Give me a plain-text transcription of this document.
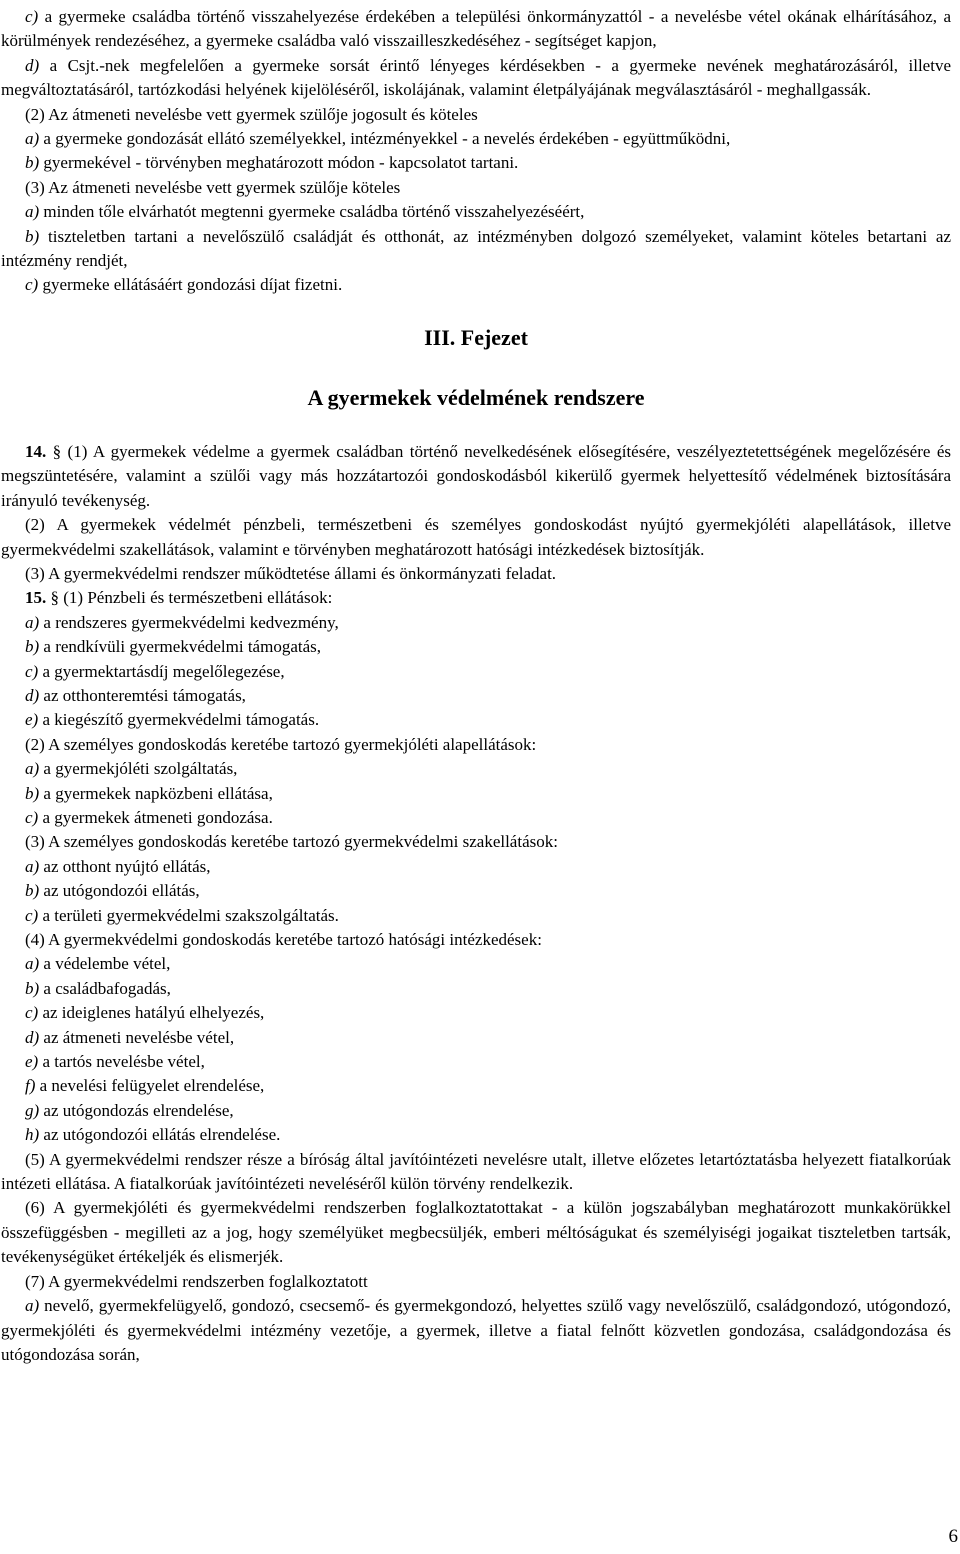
c) a gyermeke családba történő visszahelyezése érdekében a települési önkormányzattól - a nevelésbe vétel okának elhárításához, a körülmények rendezéséhez, a gyermeke családba való visszailleszkedéséhez - segítséget kapjon,

d) a Csjt.-nek megfelelően a gyermeke sorsát érintő lényeges kérdésekben - a gyermeke nevének meghatározásáról, illetve megváltoztatásáról, tartózkodási helyének kijelöléséről, iskolájának, valamint életpályájának megválasztásáról - meghallgassák.

(2) Az átmeneti nevelésbe vett gyermek szülője jogosult és köteles

a) a gyermeke gondozását ellátó személyekkel, intézményekkel - a nevelés érdekében - együttműködni,

b) gyermekével - törvényben meghatározott módon - kapcsolatot tartani.

(3) Az átmeneti nevelésbe vett gyermek szülője köteles

a) minden tőle elvárhatót megtenni gyermeke családba történő visszahelyezéséért,

b) tiszteletben tartani a nevelőszülő családját és otthonát, az intézményben dolgozó személyeket, valamint köteles betartani az intézmény rendjét,

c) gyermeke ellátásáért gondozási díjat fizetni.

III. Fejezet
A gyermekek védelmének rendszere

14. § (1) A gyermekek védelme a gyermek családban történő nevelkedésének elősegítésére, veszélyeztetettségének megelőzésére és megszüntetésére, valamint a szülői vagy más hozzátartozói gondoskodásból kikerülő gyermek helyettesítő védelmének biztosítására irányuló tevékenység.

(2) A gyermekek védelmét pénzbeli, természetbeni és személyes gondoskodást nyújtó gyermekjóléti alapellátások, illetve gyermekvédelmi szakellátások, valamint e törvényben meghatározott hatósági intézkedések biztosítják.

(3) A gyermekvédelmi rendszer működtetése állami és önkormányzati feladat.

15. § (1) Pénzbeli és természetbeni ellátások:

a) a rendszeres gyermekvédelmi kedvezmény,

b) a rendkívüli gyermekvédelmi támogatás,

c) a gyermektartásdíj megelőlegezése,

d) az otthonteremtési támogatás,

e) a kiegészítő gyermekvédelmi támogatás.

(2) A személyes gondoskodás keretébe tartozó gyermekjóléti alapellátások:

a) a gyermekjóléti szolgáltatás,

b) a gyermekek napközbeni ellátása,

c) a gyermekek átmeneti gondozása.

(3) A személyes gondoskodás keretébe tartozó gyermekvédelmi szakellátások:

a) az otthont nyújtó ellátás,

b) az utógondozói ellátás,

c) a területi gyermekvédelmi szakszolgáltatás.

(4) A gyermekvédelmi gondoskodás keretébe tartozó hatósági intézkedések:

a) a védelembe vétel,

b) a családbafogadás,

c) az ideiglenes hatályú elhelyezés,

d) az átmeneti nevelésbe vétel,

e) a tartós nevelésbe vétel,

f) a nevelési felügyelet elrendelése,

g) az utógondozás elrendelése,

h) az utógondozói ellátás elrendelése.

(5) A gyermekvédelmi rendszer része a bíróság által javítóintézeti nevelésre utalt, illetve előzetes letartóztatásba helyezett fiatalkorúak intézeti ellátása. A fiatalkorúak javítóintézeti neveléséről külön törvény rendelkezik.

(6) A gyermekjóléti és gyermekvédelmi rendszerben foglalkoztatottakat - a külön jogszabályban meghatározott munkakörükkel összefüggésben - megilleti az a jog, hogy személyüket megbecsüljék, emberi méltóságukat és személyiségi jogaikat tiszteletben tartsák, tevékenységüket értékeljék és elismerjék.

(7) A gyermekvédelmi rendszerben foglalkoztatott

a) nevelő, gyermekfelügyelő, gondozó, csecsemő- és gyermekgondozó, helyettes szülő vagy nevelőszülő, családgondozó, utógondozó, gyermekjóléti és gyermekvédelmi intézmény vezetője, a gyermek, illetve a fiatal felnőtt közvetlen gondozása, családgondozása és utógondozása során,

6
